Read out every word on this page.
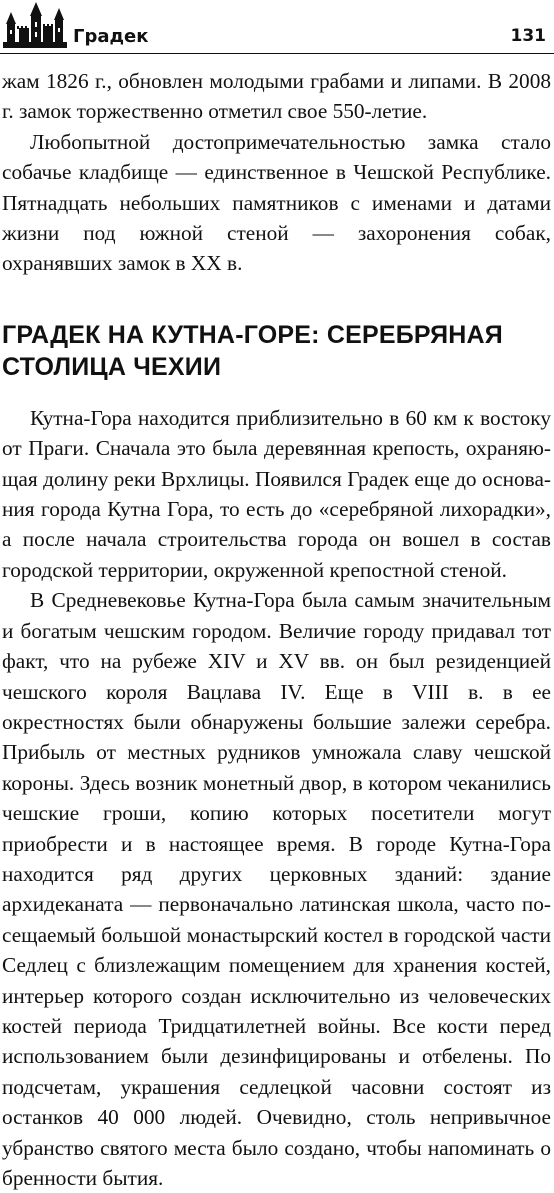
Градек	131

жам 1826 г., обновлен молодыми грабами и липами. В 2008 г. замок торжественно отметил свое 550-летие.

Любопытной достопримечательностью замка стало собачье кладбище — единственное в Чешской Республике. Пятнадцать небольших памятников с именами и датами жизни под южной стеной — захоронения собак, охранявших замок в XX в.

ГРАДЕК НА КУТНА-ГОРЕ: СЕРЕБРЯНАЯ СТОЛИЦА ЧЕХИИ

Кутна-Гора находится приблизительно в 60 км к востоку от Праги. Сначала это была деревянная крепость, охраняющая долину реки Врхлицы. Появился Градек еще до основания города Кутна Гора, то есть до «серебряной лихорадки», а после начала строительства города он вошел в состав городской территории, окруженной крепостной стеной.

В Средневековье Кутна-Гора была самым значительным и богатым чешским городом. Величие городу придавал тот факт, что на рубеже XIV и XV вв. он был резиденцией чешского короля Вацлава IV. Еще в VIII в. в ее окрестностях были обнаружены большие залежи серебра. Прибыль от местных рудников умножала славу чешской короны. Здесь возник монетный двор, в котором чеканились чешские гроши, копию которых посетители могут приобрести и в настоящее время. В городе Кутна-Гора находится ряд других церковных зданий: здание архидеканата — первоначально латинская школа, часто посещаемый большой монастырский костел в городской части Седлец с близлежащим помещением для хранения костей, интерьер которого создан исключительно из человеческих костей периода Тридцатилетней войны. Все кости перед использованием были дезинфицированы и отбелены. По подсчетам, украшения седлецкой часовни состоят из останков 40 000 людей. Очевидно, столь непривычное убранство святого места было создано, чтобы напоминать о бренности бытия.
